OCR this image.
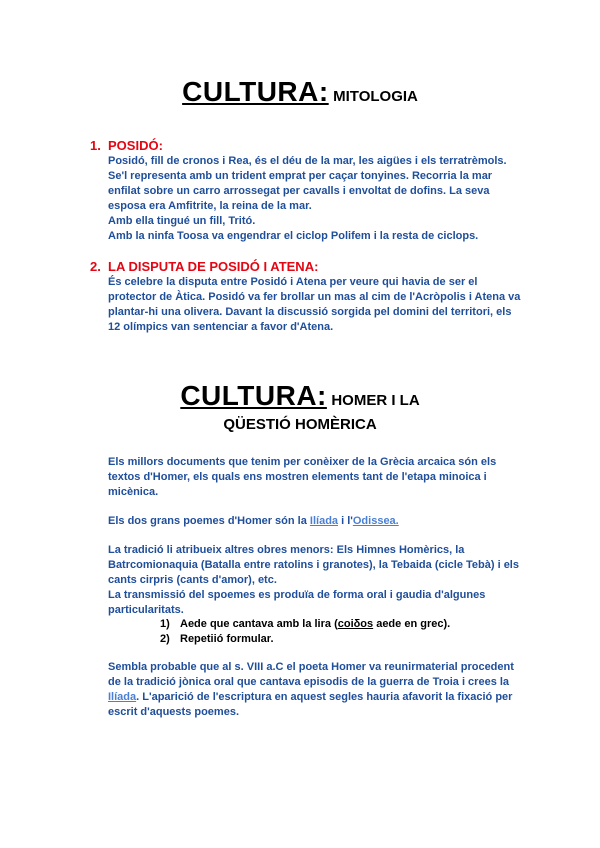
CULTURA: MITOLOGIA
1. POSIDÓ:

Posidó, fill de cronos i Rea, és el déu de la mar, les aigües i els terratrèmols.

Se'l representa amb un trident emprat per caçar tonyines. Recorria la mar

enfilat sobre un carro arrossegat per cavalls i envoltat de dofins. La seva

esposa era Amfitrite, la reina de la mar.

Amb ella tingué un fill, Tritó.

Amb la ninfa Toosa va engendrar el ciclop Polifem i la resta de ciclops.

2. LA DISPUTA DE POSIDÓ I ATENA:

És celebre la disputa entre Posidó i Atena per veure qui havia de ser el

protector de Àtica. Posidó va fer brollar un mas al cim de l'Acròpolis i Atena va

plantar-hi una olivera. Davant la discussió sorgida pel domini del territori, els

12 olímpics van sentenciar a favor d'Atena.

CULTURA: HOMER I LA
QÜESTIÓ HOMÈRICA

Els millors documents que tenim per conèixer de la Grècia arcaica són els

textos d'Homer, els quals ens mostren elements tant de l'etapa minoica i

micènica.

Els dos grans poemes d'Homer són la Ilíada i l'Odissea.

La tradició li atribueix altres obres menors: Els Himnes Homèrics, la

Batrcomionaquia (Batalla entre ratolins i granotes), la Tebaida (cicle Tebà) i els

cants cirpris (cants d'amor), etc.

La transmissió del spoemes es produïa de forma oral i gaudia d'algunes

particularitats.

1) Aede que cantava amb la lira (coiδos aede en grec).
2) Repetiió formular.

Sembla probable que al s. VIII a.C el poeta Homer va reunirmaterial procedent

de la tradició jònica oral que cantava episodis de la guerra de Troia i crees la

Ilíada. L'aparició de l'escriptura en aquest segles hauria afavorit la fixació per

escrit d'aquests poemes.
